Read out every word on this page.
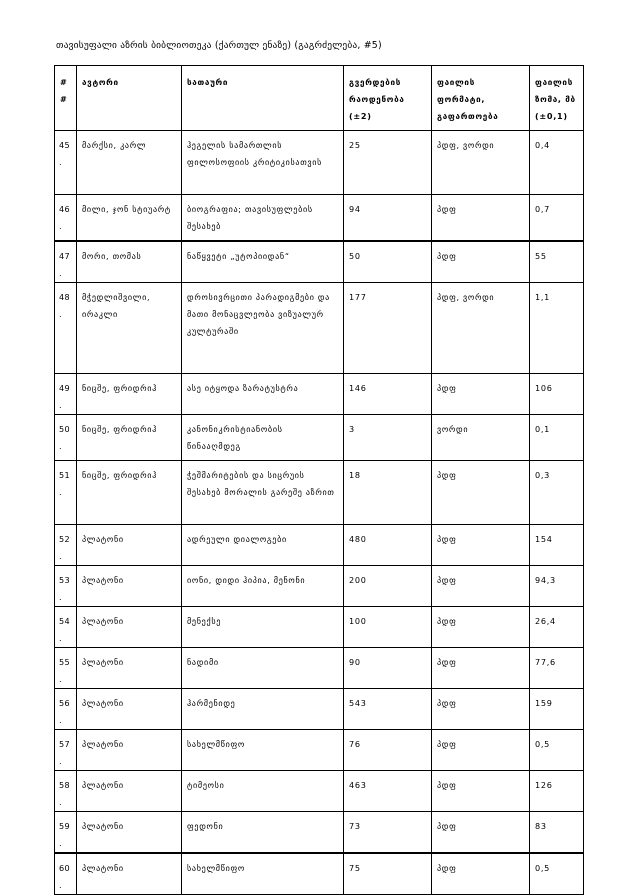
თავისუფალი აზრის ბიბლიოთეკა (ქართულ ენაზე) (გაგრძელება, #5)
##	ავტორი	სათაური	გვერდების რაოდენობა (±2)	ფაილის ფორმატი, გაფართოება	ფაილის ზომა, მბ (±0,1)
45.	მარქსი, კარლ	ჰეგელის სამართლის ფილოსოფიის კრიტიკისათვის	25	პდფ, ვორდი	0,4
46.	მილი, ჯონ სტიუარტ	ბიოგრაფია; თავისუფლების შესახებ	94	პდფ	0,7
47.	მორი, თომას	ნაწყვეტი „უტოპიიდან“	50	პდფ	55
48.	მჭედლიშვილი, ირაკლი	დროსივრცითი პარადიგმები და მათი მონაცვლეობა ვიზუალურ კულტურაში	177	პდფ, ვორდი	1,1
49.	ნიცშე, ფრიდრიჰ	ასე იტყოდა ზარატუსტრა	146	პდფ	106
50.	ნიცშე, ფრიდრიჰ	კანონიკრისტიანობის წინააღმდეგ	3	ვორდი	0,1
51.	ნიცშე, ფრიდრიჰ	ჭეშმარიტების და სიცრუის შესახებ მორალის გარეშე აზრით	18	პდფ	0,3
52.	პლატონი	ადრეული დიალოგები	480	პდფ	154
53.	პლატონი	იონი, დიდი ჰიპია, მენონი	200	პდფ	94,3
54.	პლატონი	მენექსე	100	პდფ	26,4
55.	პლატონი	ნადიმი	90	პდფ	77,6
56.	პლატონი	ჰარმენიდე	543	პდფ	159
57.	პლატონი	სახელმწიფო	76	პდფ	0,5
58.	პლატონი	ტიმეოსი	463	პდფ	126
59.	პლატონი	ფედონი	73	პდფ	83
60.	პლატონი	სახელმწიფო	75	პდფ	0,5
